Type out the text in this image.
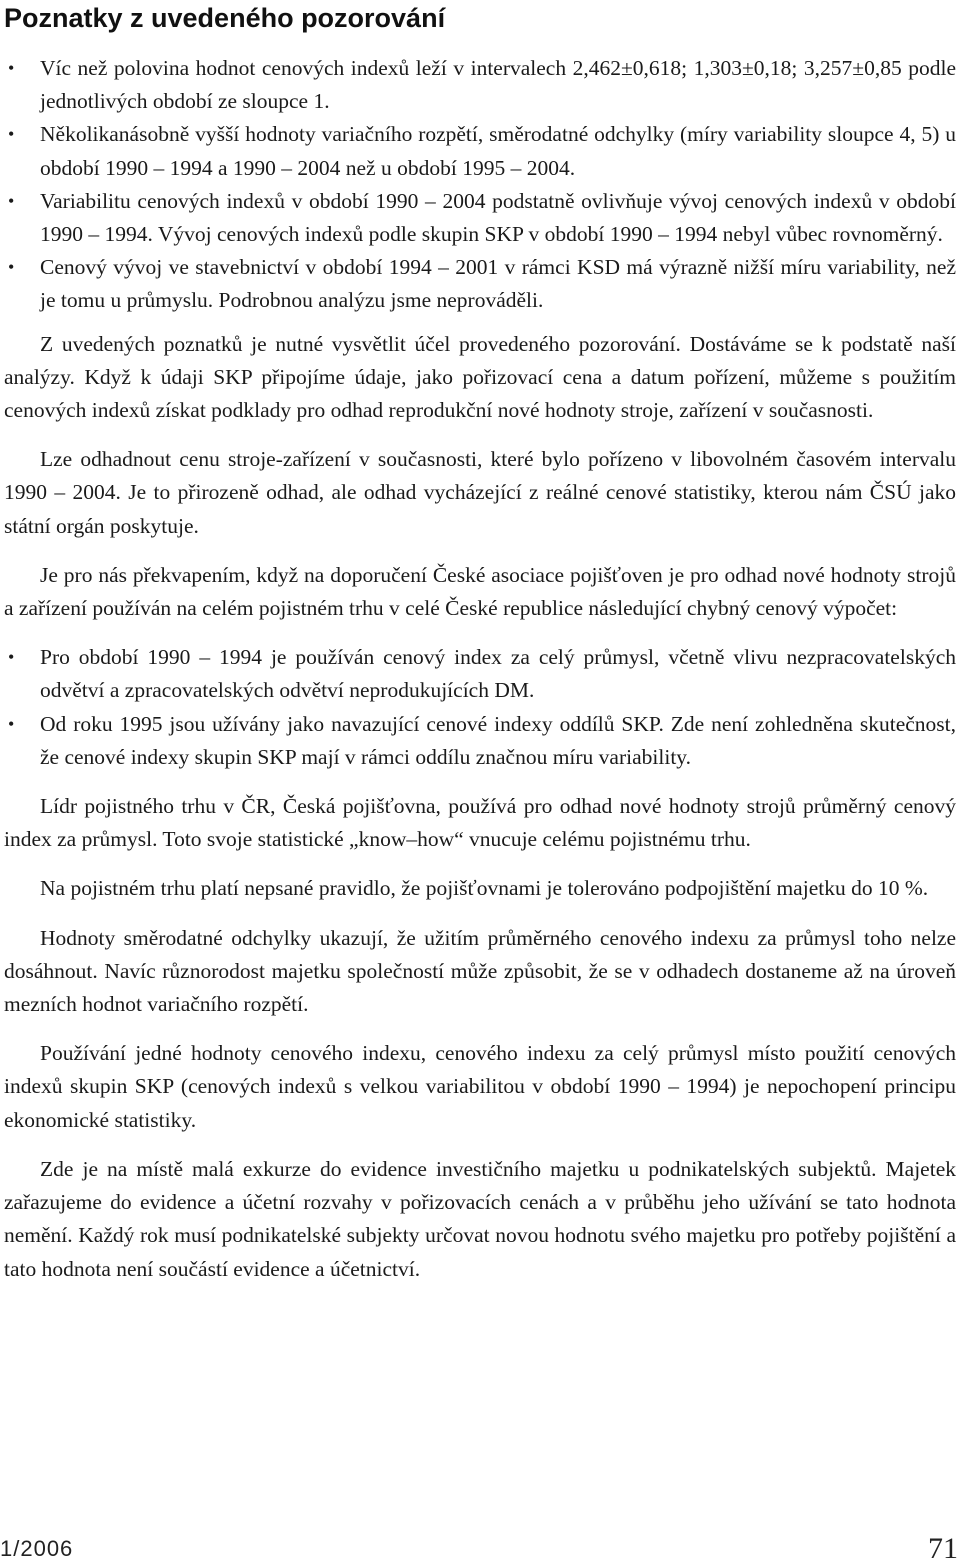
Poznatky z uvedeného pozorování
• Víc než polovina hodnot cenových indexů leží v intervalech 2,462±0,618; 1,303±0,18; 3,257±0,85 podle jednotlivých období ze sloupce 1.
• Několikanásobně vyšší hodnoty variačního rozpětí, směrodatné odchylky (míry variability sloupce 4, 5) u období 1990 – 1994 a 1990 – 2004 než u období 1995 – 2004.
• Variabilitu cenových indexů v období 1990 – 2004 podstatně ovlivňuje vývoj cenových indexů v období 1990 – 1994. Vývoj cenových indexů podle skupin SKP v období 1990 – 1994 nebyl vůbec rovnoměrný.
• Cenový vývoj ve stavebnictví v období 1994 – 2001 v rámci KSD má výrazně nižší míru variability, než je tomu u průmyslu. Podrobnou analýzu jsme neprováděli.

Z uvedených poznatků je nutné vysvětlit účel provedeného pozorování. Dostáváme se k podstatě naší analýzy. Když k údaji SKP připojíme údaje, jako pořizovací cena a datum pořízení, můžeme s použitím cenových indexů získat podklady pro odhad reprodukční nové hodnoty stroje, zařízení v současnosti.

Lze odhadnout cenu stroje-zařízení v současnosti, které bylo pořízeno v libovolném časovém intervalu 1990 – 2004. Je to přirozeně odhad, ale odhad vycházející z reálné cenové statistiky, kterou nám ČSÚ jako státní orgán poskytuje.

Je pro nás překvapením, když na doporučení České asociace pojišťoven je pro odhad nové hodnoty strojů a zařízení používán na celém pojistném trhu v celé České republice následující chybný cenový výpočet:

• Pro období 1990 – 1994 je používán cenový index za celý průmysl, včetně vlivu nezpracovatelských odvětví a zpracovatelských odvětví neprodukujících DM.
• Od roku 1995 jsou užívány jako navazující cenové indexy oddílů SKP. Zde není zohledněna skutečnost, že cenové indexy skupin SKP mají v rámci oddílu značnou míru variability.

Lídr pojistného trhu v ČR, Česká pojišťovna, používá pro odhad nové hodnoty strojů průměrný cenový index za průmysl. Toto svoje statistické „know–how“ vnucuje celému pojistnému trhu.

Na pojistném trhu platí nepsané pravidlo, že pojišťovnami je tolerováno podpojištění majetku do 10 %.

Hodnoty směrodatné odchylky ukazují, že užitím průměrného cenového indexu za průmysl toho nelze dosáhnout. Navíc různorodost majetku společností může způsobit, že se v odhadech dostaneme až na úroveň mezních hodnot variačního rozpětí.

Používání jedné hodnoty cenového indexu, cenového indexu za celý průmysl místo použití cenových indexů skupin SKP (cenových indexů s velkou variabilitou v období 1990 – 1994) je nepochopení principu ekonomické statistiky.

Zde je na místě malá exkurze do evidence investičního majetku u podnikatelských subjektů. Majetek zařazujeme do evidence a účetní rozvahy v pořizovacích cenách a v průběhu jeho užívání se tato hodnota nemění. Každý rok musí podnikatelské subjekty určovat novou hodnotu svého majetku pro potřeby pojištění a tato hodnota není součástí evidence a účetnictví.

1/2006	71
